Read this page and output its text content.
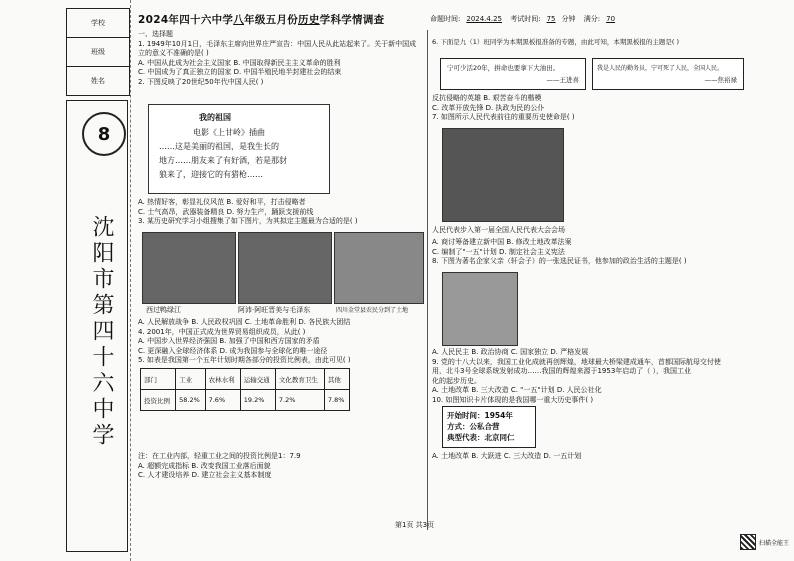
学校
班级
姓名
8
沈阳市第四十六中学
2024年四十六中学八年级五月份历史学科学情调查	命题时间: 2024.4.25 考试时间: 75 分钟 满分: 70
一、选择题
1. 1949年10月1日，毛泽东主席向世界庄严宣告：中国人民从此站起来了。关于新中国成
立的意义不准确的是( )
A. 中国从此成为社会主义国家 B. 中国取得新民主主义革命的胜利
C. 中国成为了真正独立的国家 D. 中国半殖民地半封建社会的结束
2. 下图反映了20世纪50年代中国人民( )
我的祖国
电影《上甘岭》插曲
……这是美丽的祖国，是我生长的
地方……朋友来了有好酒，若是那豺
狼来了，迎接它的有猎枪……
A. 热情好客，彰显礼仪风范 B. 爱好和平，打击侵略者
C. 士气高昂，武器装备精良 D. 努力生产，踊跃支援前线
3. 某历史研究学习小组搜集了如下图片，为其拟定主题最为合适的是( )
西过鸭绿江	阿沛·阿旺晋美与毛泽东	四川金堂县农民分到了土地
A. 人民解放战争 B. 人民政权巩固 C. 土地革命胜利 D. 各民族大团结
4. 2001年，中国正式成为世界贸易组织成员，从此( )
A. 中国步入世界经济强国 B. 加强了中国和西方国家的矛盾
C. 更深融入全球经济体系 D. 成为我国参与全球化的唯一途径
5. 如表是我国第一个五年计划时期各部分的投资比例表，由此可见( )
部门	工业	农林水利	运输交通	文化教育卫生	其他
投资比例	58.2%	7.6%	19.2%	7.2%	7.8%
注：在工业内部，轻重工业之间的投资比例是1：7.9
A. 超额完成指标 B. 改变我国工业落后面貌
C. 人才建设培养 D. 建立社会主义基本制度
6. 下面是九（1）班同学为本期黑板报准备的专题，由此可知，本期黑板报的主题是( )
宁可少活20年，拼命也要拿下大油田。
——王进喜
我是人民的勤务员，宁可死了人民，全国人民。
——焦裕禄
反抗侵略的英雄 B. 艰苦奋斗的楷模
C. 改革开放先锋 D. 执政为民的公仆
7. 如图所示人民代表前往的重要历史使命是( )
人民代表步入第一届全国人民代表大会会场
A. 商讨筹备建立新中国 B. 修改土地改革法案
C. 编制了"一五"计划 D. 制定社会主义宪法
8. 下图为著名企家父亲（轩会子）的一张选民证书，他参加的政治生活的主题是( )
A. 人民民主 B. 政治协商 C. 国家独立 D. 严格发展
9. 党的十八大以来，我国工业化成就再创辉煌，地球最大桥梁建成通车，首都国际航母交付使
用，北斗3号全球系统发射成功……我国的辉煌来源于1953年启动了（ ），我国工业
化的起步历史。
A. 土地改革 B. 三大改造 C. "一五"计划 D. 人民公社化
10. 如图知识卡片体现的是我国哪一重大历史事件( )
开始时间：1954年
方式：公私合营
典型代表：北京同仁
A. 土地改革 B. 大跃进 C. 三大改造 D. 一五计划
第1页 共3页
扫描全能王
